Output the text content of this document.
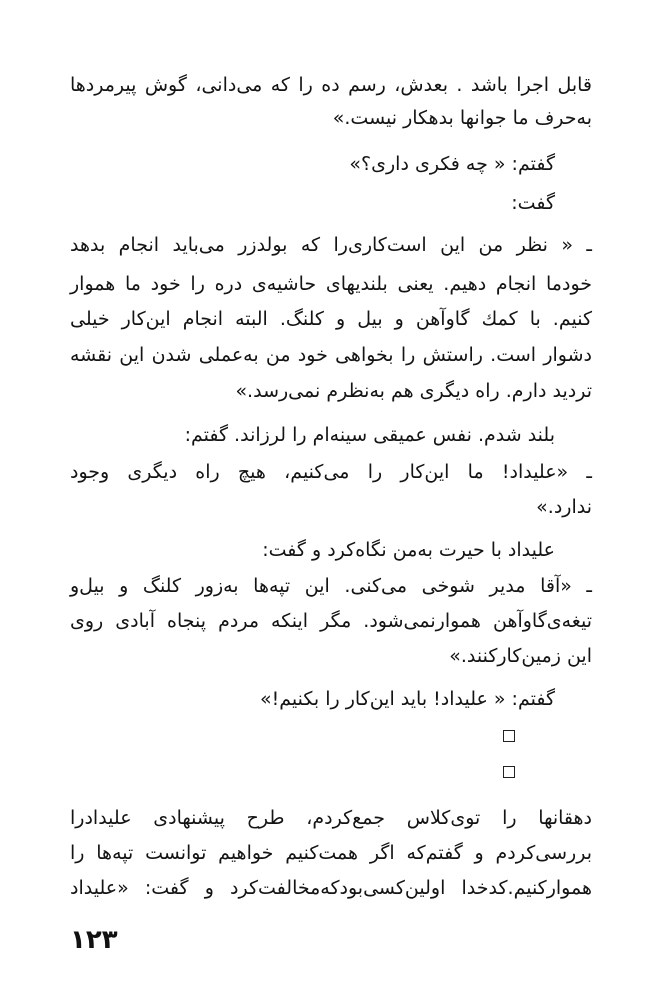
قابل اجرا باشد . بعدش، رسم ده را که می‌دانی، گوش پیرمردها
به‌حرف ما جوانها بدهکار نیست.»
گفتم: « چه فکری داری؟»
گفت:
ـ « نظر من این است‌کاری‌را که بولدزر می‌باید انجام بدهد
خودما انجام دهیم. یعنی بلندیهای حاشیه‌ی دره را خود ما هموار
کنیم. با کمك گاوآهن و بیل و کلنگ. البته انجام این‌کار خیلی
دشوار است. راستش را بخواهی خود من به‌عملی شدن این نقشه
تردید دارم. راه دیگری هم به‌نظرم نمی‌رسد.»
بلند شدم. نفس عمیقی سینه‌ام را لرزاند. گفتم:
ـ «علیداد! ما این‌کار را می‌کنیم، هیچ راه دیگری وجود
ندارد.»
علیداد با حیرت به‌من نگاه‌کرد و گفت:
ـ «آقا مدیر شوخی می‌کنی. این تپه‌ها به‌زور کلنگ و بیل‌و
تیغه‌ی‌گاوآهن هموارنمی‌شود. مگر اینکه مردم پنجاه آبادی روی
این زمین‌کارکنند.»
گفتم: « علیداد! باید این‌کار را بکنیم!»
دهقانها را توی‌کلاس جمع‌کردم، طرح پیشنهادی علیدادرا
بررسی‌کردم و گفتم‌که اگر همت‌کنیم خواهیم توانست تپه‌ها را
هموارکنیم.کدخدا اولین‌کسی‌بودکه‌مخالفت‌کرد و گفت: «علیداد
۱۲۳
